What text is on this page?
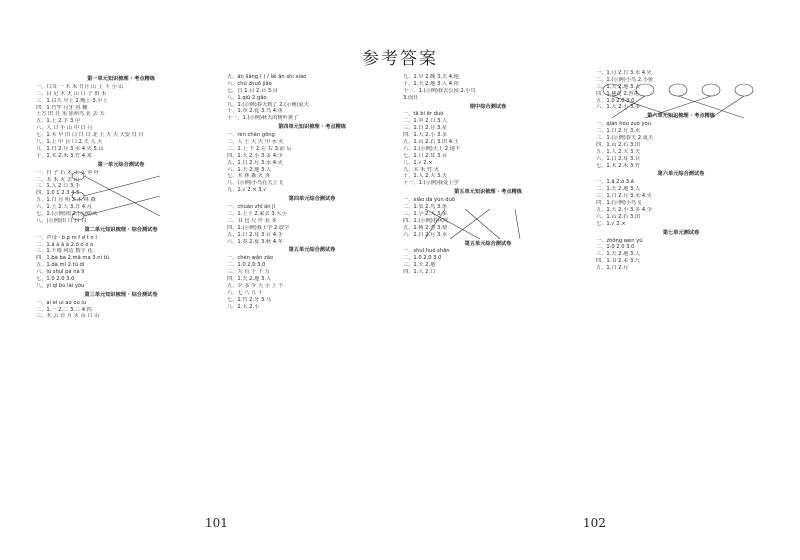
参考答案
第一单元知识梳理 · 考点精练
一、口耳 一 木 禾 日月 山 上 下 小 山
二、目 足 木 火 山 口 子 田 禾
三、1.白天 早上 2.晚上 3.早上
四、1.竹竿 月牙 谷 穗
上方 田 日 禾 加州鸟 北 去 天
五、1.上 2.下 3.中
六、人 口 手 山 中 日 月
七、1.木 早 旧 白 日 日 北 土 天 天 天安 日 日
八、1.上 中 目 口 2.天 人 大
九、1.日 2.月 3.水 4.火 5.山
十、1.木 2.禾 3.竹 4.米
第一单元综合测试卷
一、日 子 石 木 上 头 中 叶
二、木 禾 火 去 山
三、1.人 2.口 3.手
四、1.0 1 2 3 4 5
五、1.日 月 明 2.木 林 森
六、1.土 2.人 3.日 4.月
七、1.(示例)雨 2.(示例)风
八、(示例)田 日 目 口
第二单元知识梳理 · 综合测试卷
一、声母 · b p m f d t n l
二、1.ā á ǎ à 2.ō ó ǒ ò
三、1.下雨 河边 数字 花
四、1.bà ba 2.mā ma 3.ní tǔ
五、1.dà mǐ 2.tǔ dì
六、lù shuǐ pà nà lǐ
七、1.0 2.0 3.0
八、yì qǐ bù lái yǒu
第三单元知识梳理 · 综合测试卷
一、ai ei ui ao ou iu
二、1.一 2.二 3.三 4.四
三、木 云 日 月 火 山 口 山
五、ān liǎng ( ) / lǎi ān shì xiào
六、chū zhuō jiǎo
七、日 1.目 2.目 3.目
八、1.qiū 2.gāo
九、1.(示例)春天到了 2.(示例)夏天
十、1.草 2.花 3.鸟 4.鱼
十一、1.(示例)秋天的树叶黄了
第四单元知识梳理 · 考点精练
一、rén chǎn gōng
二、人 土 大 天 中 水 火
三、1.上 下 2.左 右 3.前 后
四、1.大 2.小 3.多 4.少
五、1.日 2.月 3.水 4.火
六、1.天 2.地 3.人
七、木 林 森 火 炎
八、(示例)小鸟在天上飞
九、1.√ 2.× 3.√
第四单元综合测试卷
一、chuán zhī ān jī
二、1.上下 2.来去 3.大小
三、书 包 尺 作 业 本
四、1.(示例)我上学 2.放学
五、1.口 2.耳 3.目 4.手
六、1.春 2.夏 3.秋 4.冬
第五单元综合测试卷
一、chén wǎn zǎo
二、1.0 2.0 3.0
三、九 百 千 十 万
四、1.天 2.地 3.人
五、夕 多 少 大 小 上 下
六、七 八 九 十
七、1.竹 2.牙 3.马
八、1.大 2.小
九、1.早 2.晚 3.天 4.地
十、1.天 2.地 3.人 4.你
十一、1.(示例)我去公园 2.小鸟
3.而且
期中综合测试卷
一、tā bí ěr duǒ
二、1.中 2.口 3.人
三、1.日 2.月 3.星
四、1.大 2.小 3.多
五、1.山 2.石 3.田 4.土
六、1.(示例)天上 2.地下
七、1.口 2.耳 3.目
八、1.√ 2.×
九、木 禾 竹 火
十、1.人 2.大 3.天
十一、1.(示例)我爱上学
第五单元知识梳理 · 考点精练
一、xiǎo dà yún duō
二、1.虫 2.鸟 3.鱼
三、1.小 2.大 3.多
四、1.(示例)春风吹
五、1.桃 2.杏 3.梨
六、1.日 2.月 3.水
第五单元综合测试卷
一、shuǐ huǒ shān
二、1.0 2.0 3.0
三、1.天 2.地
四、1.人 2.口
一、1.月 2.日 3.水 4.火
二、1.(示例)小鸟 2.小鱼
三、1.天 2.地 3.人
四、1.桃花 2.杏花
五、1.0 2.0 3.0
六、1.大 2.小 3.多
第六单元知识梳理 · 考点精练
一、qián hòu zuǒ yòu
二、1.日 2.月 3.水
三、1.(示例)春天 2.夏天
四、1.山 2.石 3.田
五、1.人 2.大 3.天
六、1.口 2.耳 3.目
七、1.木 2.禾 3.竹
第六单元综合测试卷
一、1.ā 2.ó 3.ě
二、1.天 2.地 3.人
三、1.日 2.月 3.水 4.火
四、1.(示例)小鸟飞
五、1.大 2.小 3.多 4.少
六、1.山 2.石 3.田
七、1.√ 2.×
第七单元测试卷
一、zhōng wén yǔ
二、1.0 2.0 3.0
三、1.天 2.地 3.人
四、1.书 2.本 3.尺
五、1.日 2.月
101	102
